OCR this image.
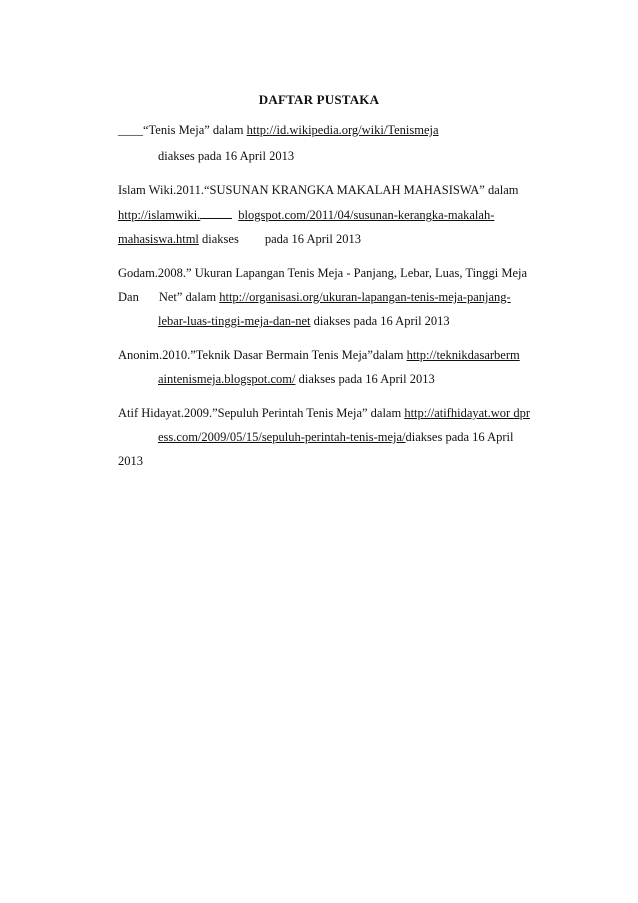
DAFTAR PUSTAKA
____“Tenis Meja” dalam http://id.wikipedia.org/wiki/Tenismeja
diakses pada 16 April 2013
Islam Wiki.2011.“SUSUNAN KRANGKA MAKALAH MAHASISWA” dalam
http://islamwiki.	blogspot.com/2011/04/susunan-kerangka-makalah-
mahasiswa.html diakses pada 16 April 2013
Godam.2008.” Ukuran Lapangan Tenis Meja - Panjang, Lebar, Luas, Tinggi Meja
Dan Net” dalam http://organisasi.org/ukuran-lapangan-tenis-meja-panjang-
lebar-luas-tinggi-meja-dan-net diakses pada 16 April 2013
Anonim.2010.”Teknik Dasar Bermain Tenis Meja”dalam http://teknikdasarberm
aintenismeja.blogspot.com/ diakses pada 16 April 2013
Atif Hidayat.2009.”Sepuluh Perintah Tenis Meja” dalam http://atifhidayat.wor dpr
ess.com/2009/05/15/sepuluh-perintah-tenis-meja/diakses pada 16 April
2013
